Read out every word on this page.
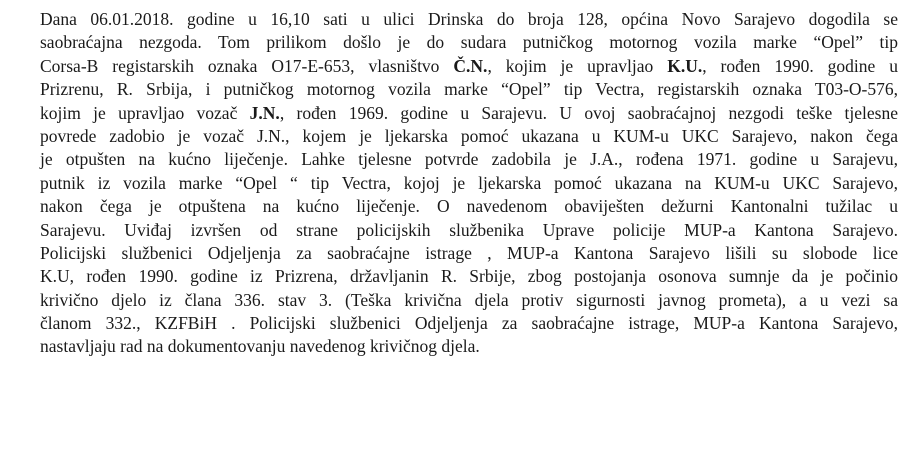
Dana 06.01.2018. godine u 16,10 sati u ulici Drinska do broja 128, općina Novo Sarajevo dogodila se
saobraćajna nezgoda. Tom prilikom došlo je do sudara putničkog motornog vozila marke “Opel” tip
Corsa-B registarskih oznaka O17-E-653, vlasništvo Č.N., kojim je upravljao K.U., rođen 1990. godine u
Prizrenu, R. Srbija, i putničkog motornog vozila marke “Opel” tip Vectra, registarskih oznaka T03-O-576,
kojim je upravljao vozač J.N., rođen 1969. godine u Sarajevu. U ovoj saobraćajnoj nezgodi teške tjelesne
povrede zadobio je vozač J.N., kojem je ljekarska pomoć ukazana u KUM-u UKC Sarajevo, nakon čega
je otpušten na kućno liječenje. Lahke tjelesne potvrde zadobila je J.A., rođena 1971. godine u Sarajevu,
putnik iz vozila marke “Opel “ tip Vectra, kojoj je ljekarska pomoć ukazana na KUM-u UKC Sarajevo,
nakon čega je otpuštena na kućno liječenje. O navedenom obaviješten dežurni Kantonalni tužilac u
Sarajevu. Uviđaj izvršen od strane policijskih službenika Uprave policije MUP-a Kantona Sarajevo.
Policijski službenici Odjeljenja za saobraćajne istrage , MUP-a Kantona Sarajevo lišili su slobode lice
K.U, rođen 1990. godine iz Prizrena, državljanin R. Srbije, zbog postojanja osonova sumnje da je počinio
krivično djelo iz člana 336. stav 3. (Teška krivična djela protiv sigurnosti javnog prometa), a u vezi sa
članom 332., KZFBiH . Policijski službenici Odjeljenja za saobraćajne istrage, MUP-a Kantona Sarajevo,
nastavljaju rad na dokumentovanju navedenog krivičnog djela.
